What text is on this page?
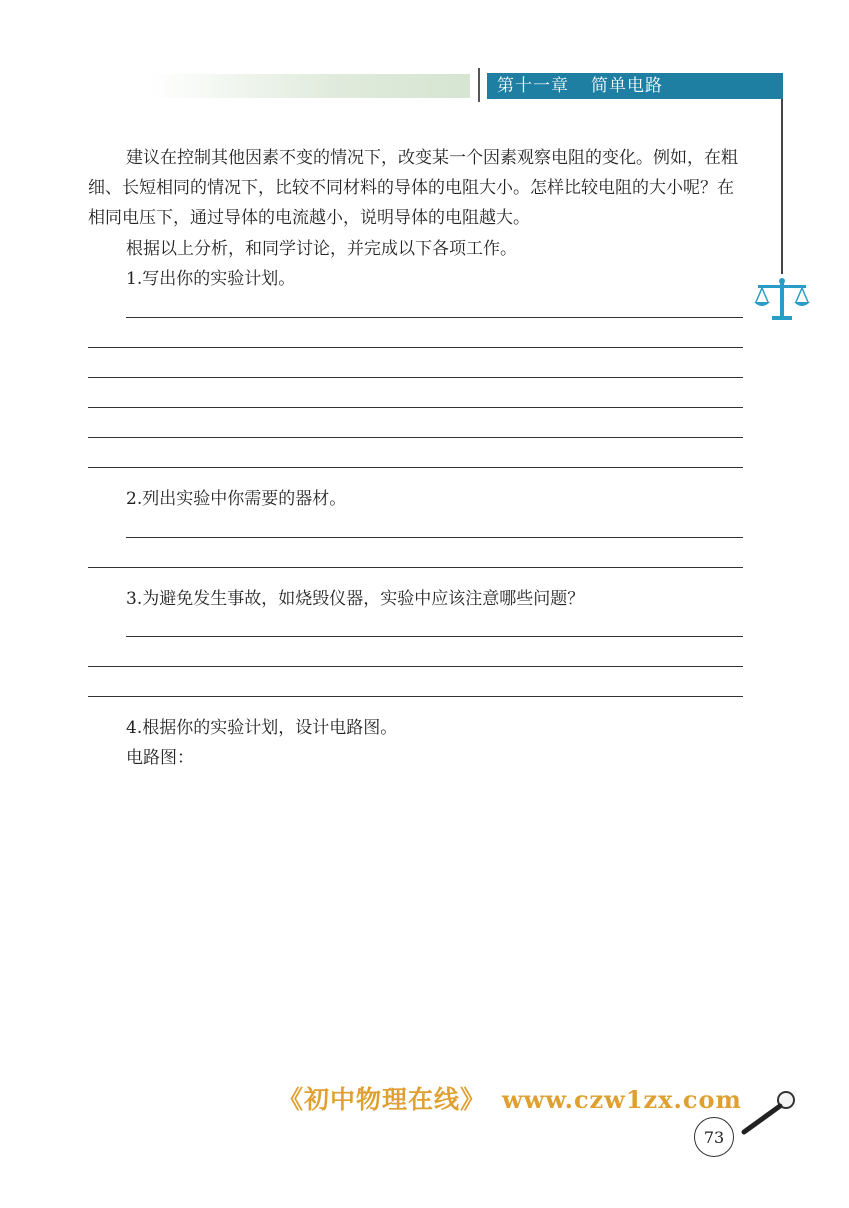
第十一章 简单电路

建议在控制其他因素不变的情况下，改变某一个因素观察电阻的变化。例如，在粗细、长短相同的情况下，比较不同材料的导体的电阻大小。怎样比较电阻的大小呢？在相同电压下，通过导体的电流越小，说明导体的电阻越大。

根据以上分析，和同学讨论，并完成以下各项工作。
1.写出你的实验计划。
2.列出实验中你需要的器材。
3.为避免发生事故，如烧毁仪器，实验中应该注意哪些问题？
4.根据你的实验计划，设计电路图。
电路图：
《初中物理在线》 www.czw1zx.com
73
